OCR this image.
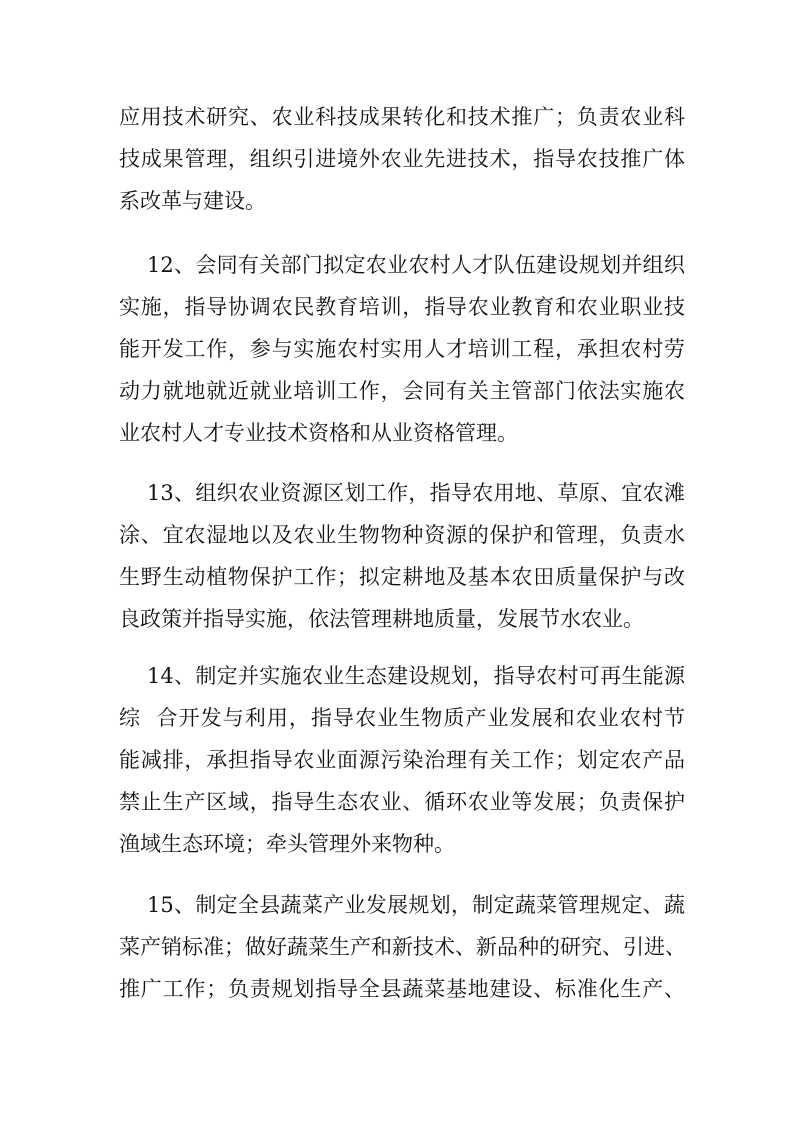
应用技术研究、农业科技成果转化和技术推广；负责农业科
技成果管理，组织引进境外农业先进技术，指导农技推广体
系改革与建设。
12、会同有关部门拟定农业农村人才队伍建设规划并组织
实施，指导协调农民教育培训，指导农业教育和农业职业技
能开发工作，参与实施农村实用人才培训工程，承担农村劳
动力就地就近就业培训工作，会同有关主管部门依法实施农
业农村人才专业技术资格和从业资格管理。
13、组织农业资源区划工作，指导农用地、草原、宜农滩
涂、宜农湿地以及农业生物物种资源的保护和管理，负责水
生野生动植物保护工作；拟定耕地及基本农田质量保护与改
良政策并指导实施，依法管理耕地质量，发展节水农业。
14、制定并实施农业生态建设规划，指导农村可再生能源
综  合开发与利用，指导农业生物质产业发展和农业农村节
能减排，承担指导农业面源污染治理有关工作；划定农产品
禁止生产区域，指导生态农业、循环农业等发展；负责保护
渔域生态环境；牵头管理外来物种。
15、制定全县蔬菜产业发展规划，制定蔬菜管理规定、蔬
菜产销标准；做好蔬菜生产和新技术、新品种的研究、引进、
推广工作；负责规划指导全县蔬菜基地建设、标准化生产、
